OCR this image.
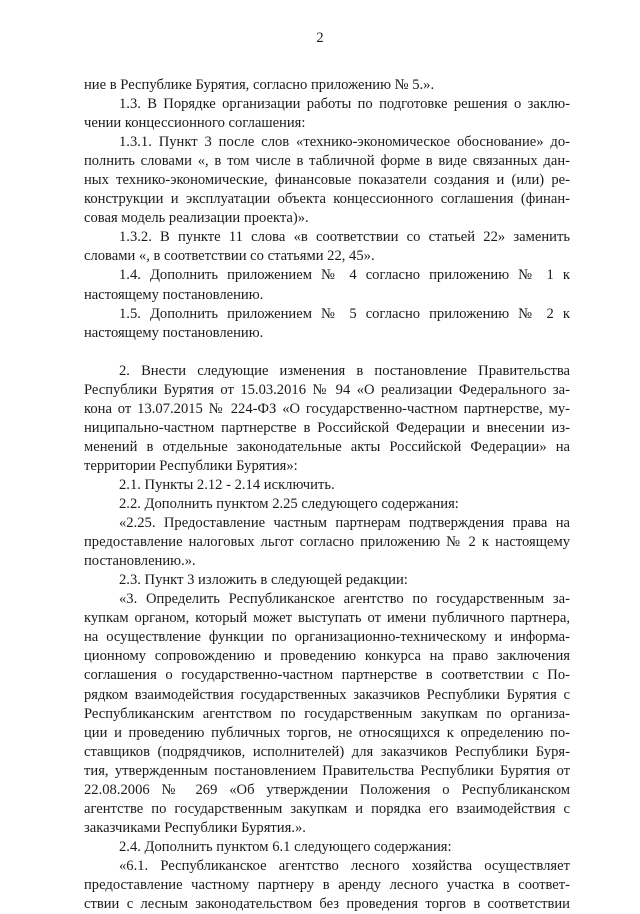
2
ние в Республике Бурятия, согласно приложению № 5.».
1.3. В Порядке организации работы по подготовке решения о заклю-
чении концессионного соглашения:
1.3.1. Пункт 3 после слов «технико-экономическое обоснование» до-
полнить словами «, в том числе в табличной форме в виде связанных дан-
ных технико-экономические, финансовые показатели создания и (или) ре-
конструкции и эксплуатации объекта концессионного соглашения (финан-
совая модель реализации проекта)».
1.3.2. В пункте 11 слова «в соответствии со статьей 22» заменить
словами «, в соответствии со статьями 22, 45».
1.4. Дополнить приложением № 4 согласно приложению № 1 к
настоящему постановлению.
1.5. Дополнить приложением № 5 согласно приложению № 2 к
настоящему постановлению.
2. Внести следующие изменения в постановление Правительства
Республики Бурятия от 15.03.2016 № 94 «О реализации Федерального за-
кона от 13.07.2015 № 224-ФЗ «О государственно-частном партнерстве, му-
ниципально-частном партнерстве в Российской Федерации и внесении из-
менений в отдельные законодательные акты Российской Федерации» на
территории Республики Бурятия»:
2.1. Пункты 2.12 - 2.14 исключить.
2.2. Дополнить пунктом 2.25 следующего содержания:
«2.25. Предоставление частным партнерам подтверждения права на
предоставление налоговых льгот согласно приложению № 2 к настоящему
постановлению.».
2.3. Пункт 3 изложить в следующей редакции:
«3. Определить Республиканское агентство по государственным за-
купкам органом, который может выступать от имени публичного партнера,
на осуществление функции по организационно-техническому и информа-
ционному сопровождению и проведению конкурса на право заключения
соглашения о государственно-частном партнерстве в соответствии с По-
рядком взаимодействия государственных заказчиков Республики Бурятия с
Республиканским агентством по государственным закупкам по организа-
ции и проведению публичных торгов, не относящихся к определению по-
ставщиков (подрядчиков, исполнителей) для заказчиков Республики Буря-
тия, утвержденным постановлением Правительства Республики Бурятия от
22.08.2006 № 269 «Об утверждении Положения о Республиканском
агентстве по государственным закупкам и порядка его взаимодействия с
заказчиками Республики Бурятия.».
2.4. Дополнить пунктом 6.1 следующего содержания:
«6.1. Республиканское агентство лесного хозяйства осуществляет
предоставление частному партнеру в аренду лесного участка в соответ-
ствии с лесным законодательством без проведения торгов в соответствии
